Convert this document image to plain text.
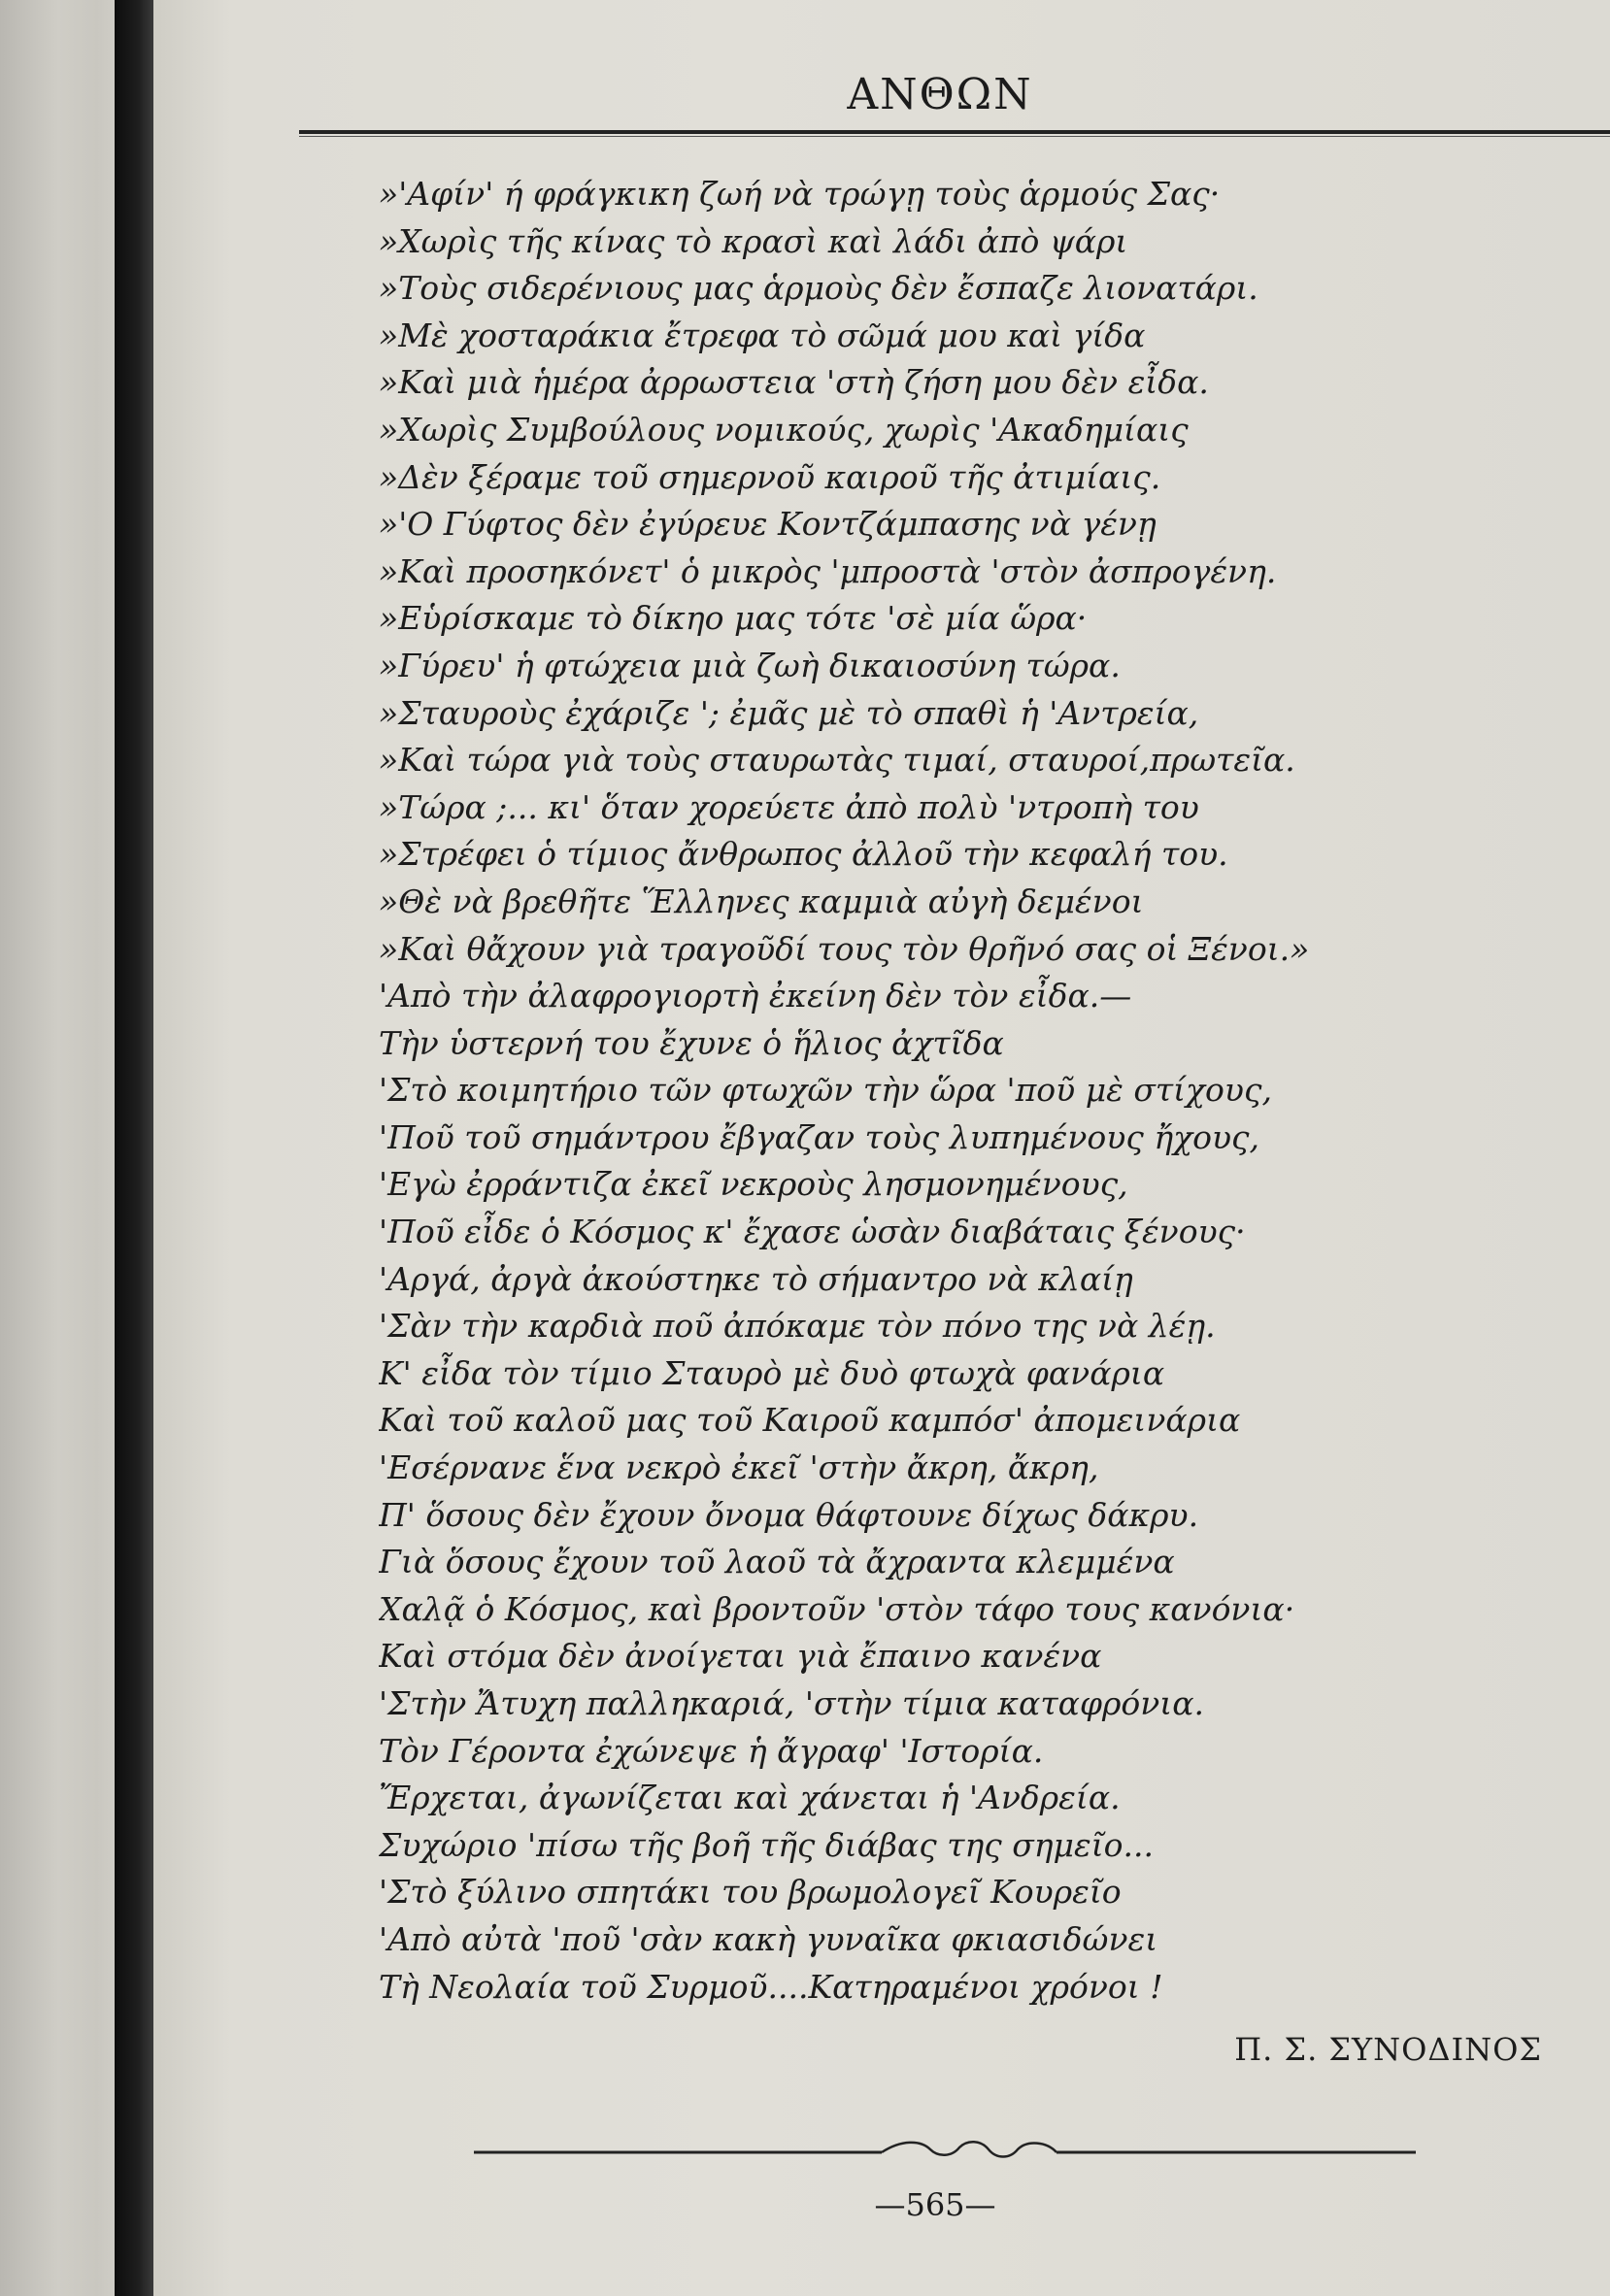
ΑΝΘΩΝ
»'Αφίν' ή φράγκικη ζωή νὰ τρώγῃ τοὺς ἁρμούς Σας·
»Χωρὶς τῆς κίνας τὸ κρασὶ καὶ λάδι ἀπὸ ψάρι
»Τοὺς σιδερένιους μας ἁρμοὺς δὲν ἔσπαζε λιονατάρι.
»Μὲ χοσταράκια ἔτρεφα τὸ σῶμά μου καὶ γίδα
»Καὶ μιὰ ἡμέρα ἀρρωστεια 'στὴ ζήση μου δὲν εἶδα.
»Χωρὶς Συμβούλους νομικούς, χωρὶς 'Ακαδημίαις
»Δὲν ξέραμε τοῦ σημερνοῦ καιροῦ τῆς ἀτιμίαις.
»'Ο Γύφτος δὲν ἐγύρευε Κοντζάμπασης νὰ γένῃ
»Καὶ προσηκόνετ' ὁ μικρὸς 'μπροστὰ 'στὸν ἀσπρογένη.
»Εὑρίσκαμε τὸ δίκηο μας τότε 'σὲ μία ὥρα·
»Γύρευ' ἡ φτώχεια μιὰ ζωὴ δικαιοσύνη τώρα.
»Σταυροὺς ἐχάριζε '; ἐμᾶς μὲ τὸ σπαθὶ ἡ 'Αντρεία,
»Καὶ τώρα γιὰ τοὺς σταυρωτὰς τιμαί, σταυροί,πρωτεῖα.
»Τώρα ;... κι' ὅταν χορεύετε ἀπὸ πολὺ 'ντροπὴ του
»Στρέφει ὁ τίμιος ἄνθρωπος ἀλλοῦ τὴν κεφαλή του.
»Θὲ νὰ βρεθῆτε Ἕλληνες καμμιὰ αὐγὴ δεμένοι
»Καὶ θἄχουν γιὰ τραγοῦδί τους τὸν θρῆνό σας οἱ Ξένοι.»
'Απὸ τὴν ἀλαφρογιορτὴ ἐκείνη δὲν τὸν εἶδα.—
Τὴν ὑστερνή του ἔχυνε ὁ ἥλιος ἀχτῖδα
'Στὸ κοιμητήριο τῶν φτωχῶν τὴν ὥρα 'ποῦ μὲ στίχους,
'Ποῦ τοῦ σημάντρου ἔβγαζαν τοὺς λυπημένους ἤχους,
'Εγὼ ἐρράντιζα ἐκεῖ νεκροὺς λησμονημένους,
'Ποῦ εἶδε ὁ Κόσμος κ' ἔχασε ὡσὰν διαβάταις ξένους·
'Αργά, ἀργὰ ἀκούστηκε τὸ σήμαντρο νὰ κλαίῃ
'Σὰν τὴν καρδιὰ ποῦ ἀπόκαμε τὸν πόνο της νὰ λέῃ.
Κ' εἶδα τὸν τίμιο Σταυρὸ μὲ δυὸ φτωχὰ φανάρια
Καὶ τοῦ καλοῦ μας τοῦ Καιροῦ καμπόσ' ἀπομεινάρια
'Εσέρνανε ἕνα νεκρὸ ἐκεῖ 'στὴν ἄκρη, ἄκρη,
Π' ὅσους δὲν ἔχουν ὄνομα θάφτουνε δίχως δάκρυ.
Γιὰ ὅσους ἔχουν τοῦ λαοῦ τὰ ἄχραντα κλεμμένα
Χαλᾷ ὁ Κόσμος, καὶ βροντοῦν 'στὸν τάφο τους κανόνια·
Καὶ στόμα δὲν ἀνοίγεται γιὰ ἔπαινο κανένα
'Στὴν Ἄτυχη παλληκαριά, 'στὴν τίμια καταφρόνια.
Τὸν Γέροντα ἐχώνεψε ἡ ἄγραφ' 'Ιστορία.
Ἔρχεται, ἀγωνίζεται καὶ χάνεται ἡ 'Ανδρεία.
Συχώριο 'πίσω τῆς βοῆ τῆς διάβας της σημεῖο...
'Στὸ ξύλινο σπητάκι του βρωμολογεῖ Κουρεῖο
'Απὸ αὐτὰ 'ποῦ 'σὰν κακὴ γυναῖκα φκιασιδώνει
Τὴ Νεολαία τοῦ Συρμοῦ....Κατηραμένοι χρόνοι !
Π. Σ. ΣΥΝΟΔΙΝΟΣ
—565—
